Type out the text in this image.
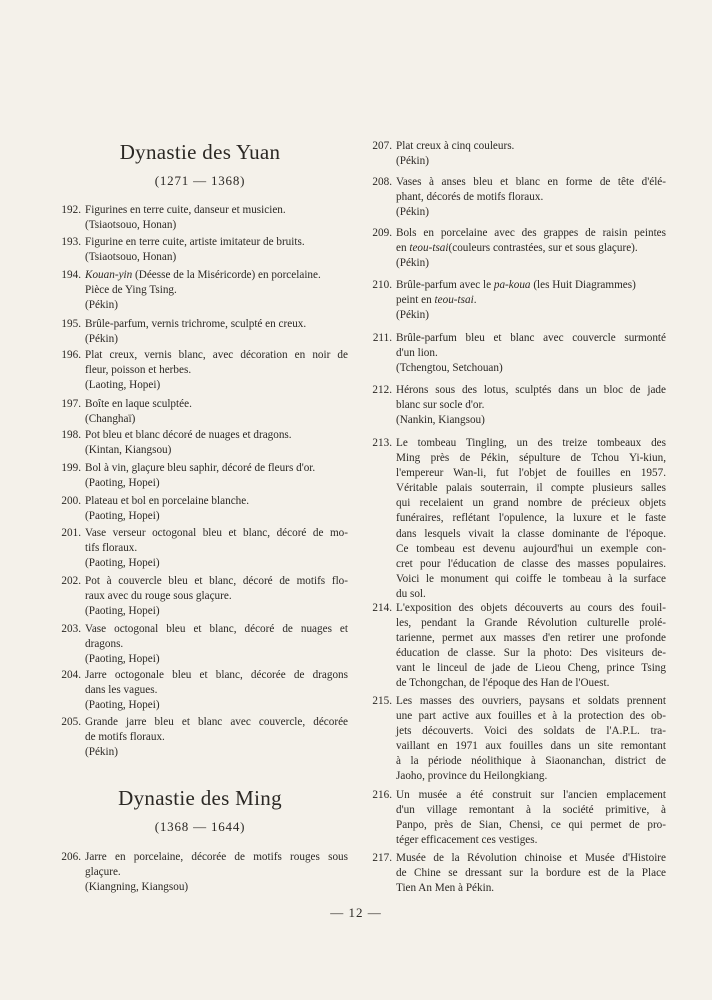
Dynastie des Yuan
(1271 — 1368)
192. Figurines en terre cuite, danseur et musicien.
(Tsiaotsouo, Honan)
193. Figurine en terre cuite, artiste imitateur de bruits.
(Tsiaotsouo, Honan)
194. Kouan-yin (Déesse de la Miséricorde) en porcelaine.
Pièce de Ying Tsing.
(Pékin)
195. Brûle-parfum, vernis trichrome, sculpté en creux.
(Pékin)
196. Plat creux, vernis blanc, avec décoration en noir de
fleur, poisson et herbes.
(Laoting, Hopei)
197. Boîte en laque sculptée.
(Changhaï)
198. Pot bleu et blanc décoré de nuages et dragons.
(Kintan, Kiangsou)
199. Bol à vin, glaçure bleu saphir, décoré de fleurs d'or.
(Paoting, Hopei)
200. Plateau et bol en porcelaine blanche.
(Paoting, Hopei)
201. Vase verseur octogonal bleu et blanc, décoré de mo-
tifs floraux.
(Paoting, Hopei)
202. Pot à couvercle bleu et blanc, décoré de motifs flo-
raux avec du rouge sous glaçure.
(Paoting, Hopei)
203. Vase octogonal bleu et blanc, décoré de nuages et
dragons.
(Paoting, Hopei)
204. Jarre octogonale bleu et blanc, décorée de dragons
dans les vagues.
(Paoting, Hopei)
205. Grande jarre bleu et blanc avec couvercle, décorée
de motifs floraux.
(Pékin)
Dynastie des Ming
(1368 — 1644)
206. Jarre en porcelaine, décorée de motifs rouges sous
glaçure.
(Kiangning, Kiangsou)
207. Plat creux à cinq couleurs.
(Pékin)
208. Vases à anses bleu et blanc en forme de tête d'élé-
phant, décorés de motifs floraux.
(Pékin)
209. Bols en porcelaine avec des grappes de raisin peintes
en teou-tsai(couleurs contrastées, sur et sous glaçure).
(Pékin)
210. Brûle-parfum avec le pa-koua (les Huit Diagrammes)
peint en teou-tsai.
(Pékin)
211. Brûle-parfum bleu et blanc avec couvercle surmonté
d'un lion.
(Tchengtou, Setchouan)
212. Hérons sous des lotus, sculptés dans un bloc de jade
blanc sur socle d'or.
(Nankin, Kiangsou)
213. Le tombeau Tingling, un des treize tombeaux des
Ming près de Pékin, sépulture de Tchou Yi-kiun,
l'empereur Wan-li, fut l'objet de fouilles en 1957.
Véritable palais souterrain, il compte plusieurs salles
qui recelaient un grand nombre de précieux objets
funéraires, reflétant l'opulence, la luxure et le faste
dans lesquels vivait la classe dominante de l'époque.
Ce tombeau est devenu aujourd'hui un exemple con-
cret pour l'éducation de classe des masses populaires.
Voici le monument qui coiffe le tombeau à la surface
du sol.
214. L'exposition des objets découverts au cours des fouil-
les, pendant la Grande Révolution culturelle prolé-
tarienne, permet aux masses d'en retirer une profonde
éducation de classe. Sur la photo: Des visiteurs de-
vant le linceul de jade de Lieou Cheng, prince Tsing
de Tchongchan, de l'époque des Han de l'Ouest.
215. Les masses des ouvriers, paysans et soldats prennent
une part active aux fouilles et à la protection des ob-
jets découverts. Voici des soldats de l'A.P.L. tra-
vaillant en 1971 aux fouilles dans un site remontant
à la période néolithique à Siaonanchan, district de
Jaoho, province du Heilongkiang.
216. Un musée a été construit sur l'ancien emplacement
d'un village remontant à la société primitive, à
Panpo, près de Sian, Chensi, ce qui permet de pro-
téger efficacement ces vestiges.
217. Musée de la Révolution chinoise et Musée d'Histoire
de Chine se dressant sur la bordure est de la Place
Tien An Men à Pékin.
— 12 —
